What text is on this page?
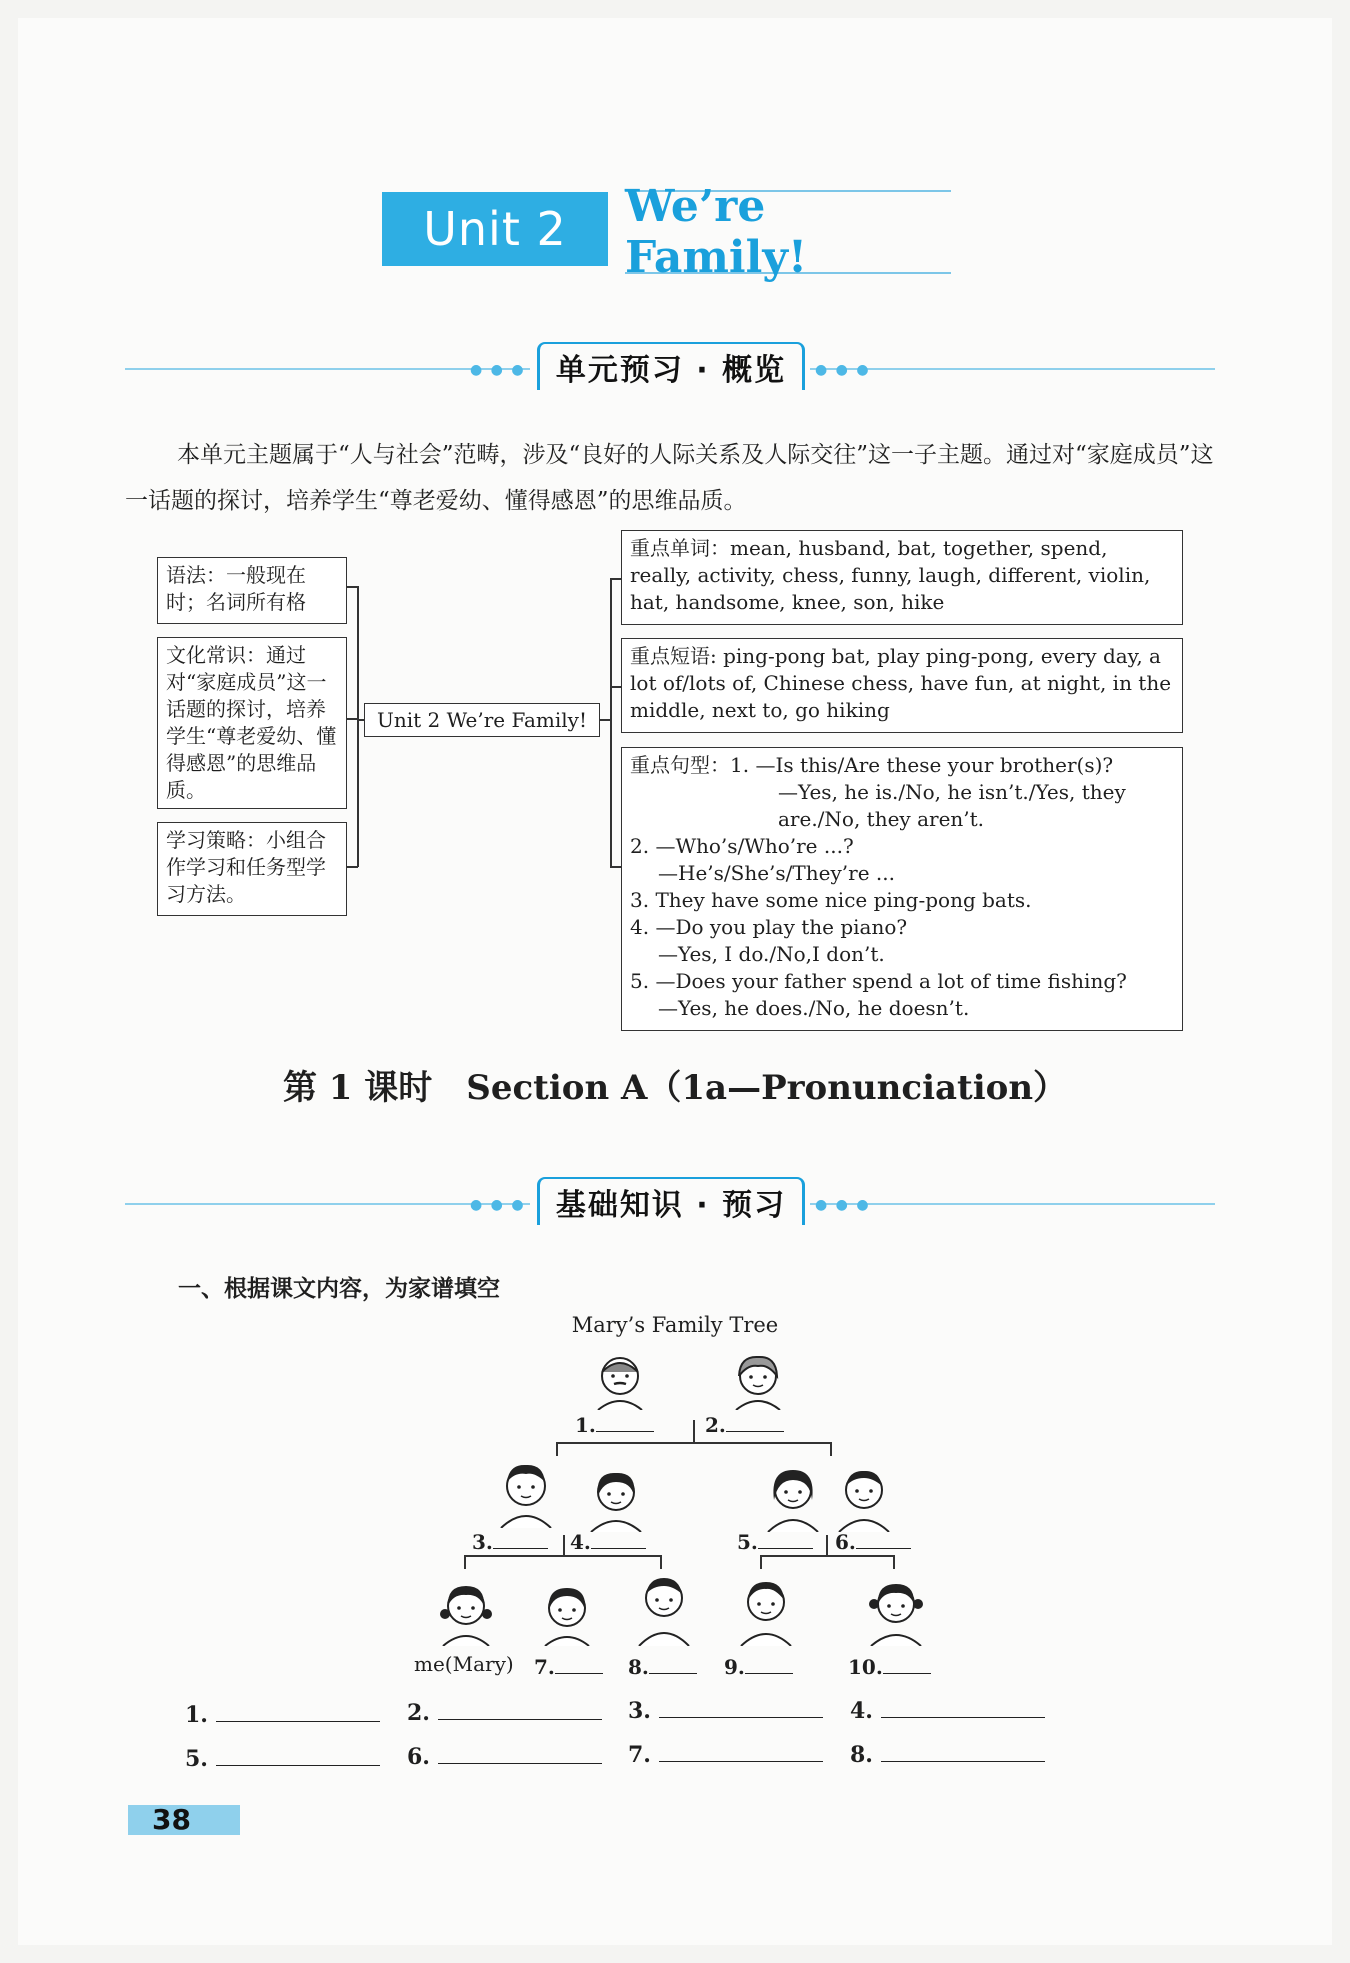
Unit 2	We’re Family!
● ● ●	● ● ●
单元预习 · 概览
本单元主题属于“人与社会”范畴，涉及“良好的人际关系及人际交往”这一子主题。通过对“家庭成员”这一话题的探讨，培养学生“尊老爱幼、懂得感恩”的思维品质。
语法：一般现在时；名词所有格
文化常识：通过对“家庭成员”这一话题的探讨，培养学生“尊老爱幼、懂得感恩”的思维品质。
学习策略：小组合作学习和任务型学习方法。
Unit 2 We’re Family!
重点单词：mean, husband, bat, together, spend, really, activity, chess, funny, laugh, different, violin, hat, handsome, knee, son, hike
重点短语: ping-pong bat, play ping-pong, every day, a lot of/lots of, Chinese chess, have fun, at night, in the middle, next to, go hiking
重点句型：1. —Is this/Are these your brother(s)?
—Yes, he is./No, he isn’t./Yes, they
are./No, they aren’t.
2. —Who’s/Who’re ...?
—He’s/She’s/They’re ...
3. They have some nice ping-pong bats.
4. —Do you play the piano?
—Yes, I do./No,I don’t.
5. —Does your father spend a lot of time fishing?
—Yes, he does./No, he doesn’t.
第 1 课时　Section A（1a—Pronunciation）
● ● ●	● ● ●
基础知识 · 预习
一、根据课文内容，为家谱填空
Mary’s Family Tree
1.	2.
3.	4.	5.	6.
me(Mary) 7.	8.	9.	10.
1.	2.	3.	4.
5.	6.	7.	8.
38
